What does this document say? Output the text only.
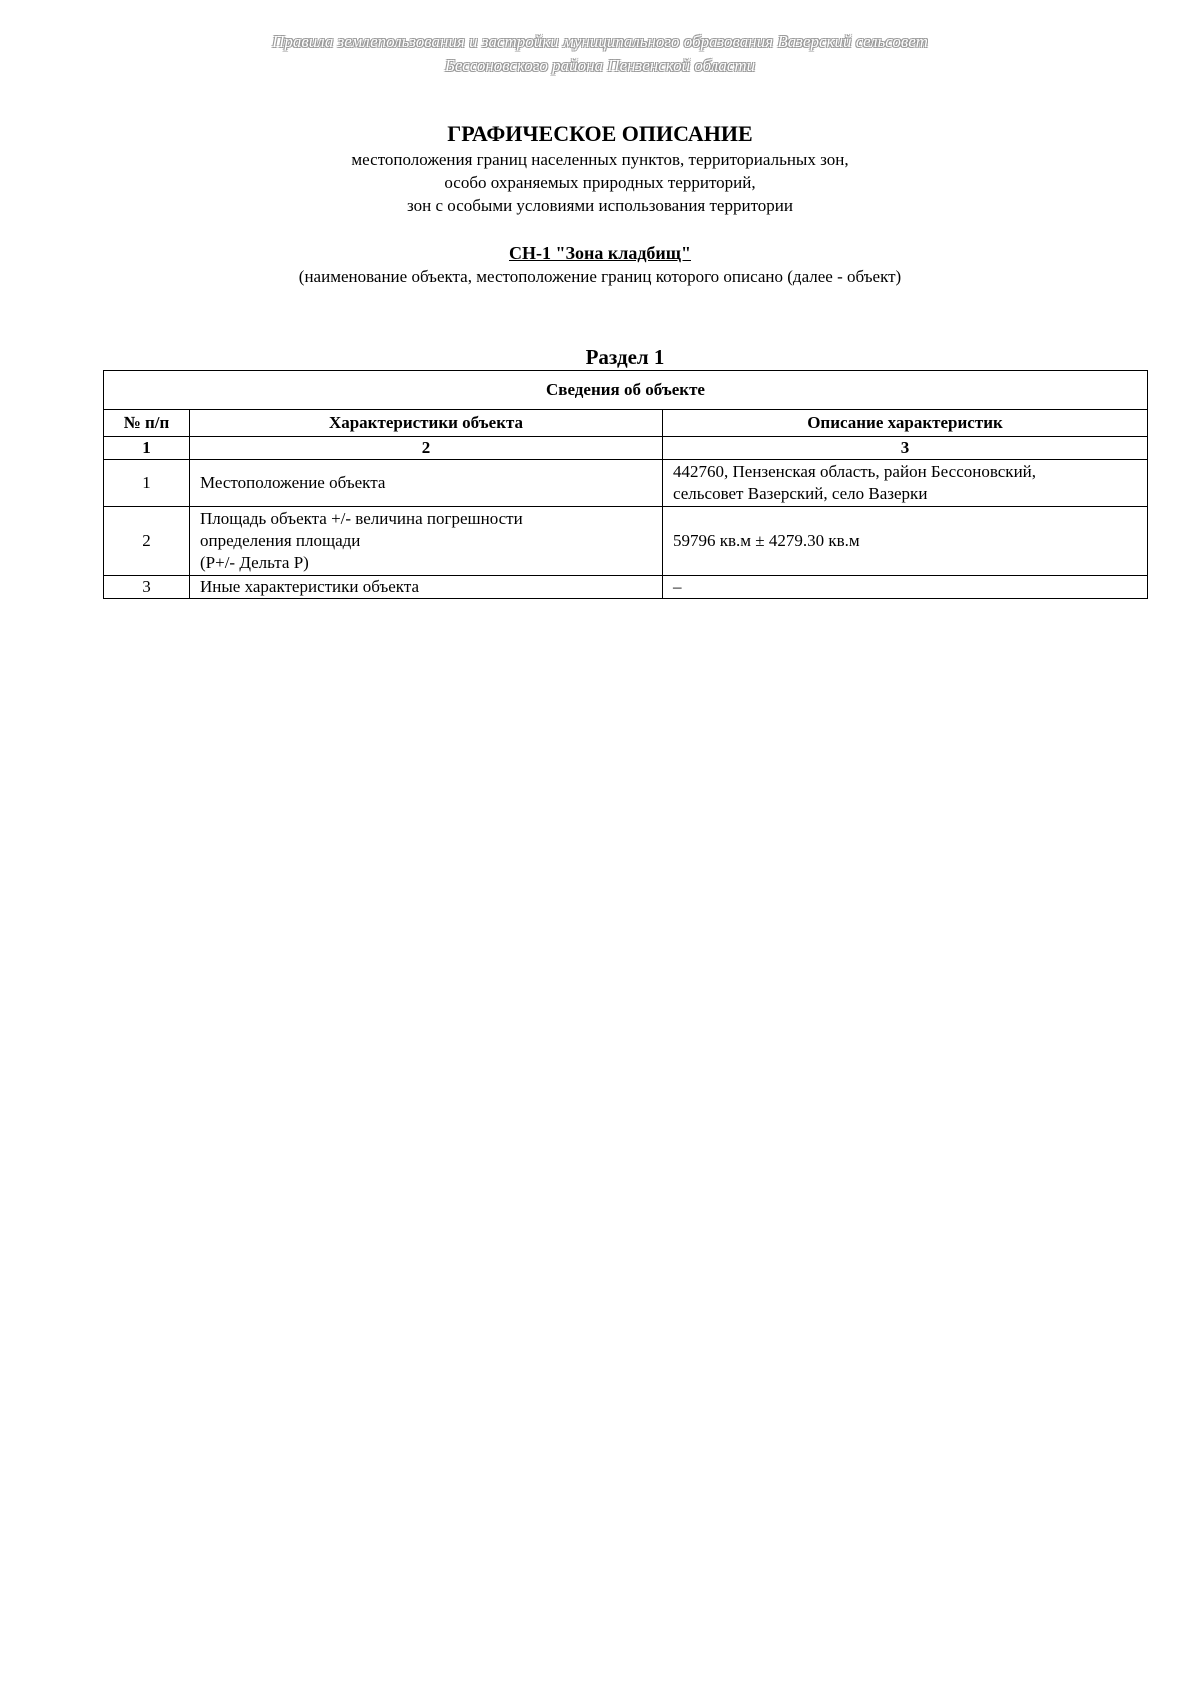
Правила землепользования и застройки муниципального образования Вазерский сельсовет
Бессоновского района Пензенской области
ГРАФИЧЕСКОЕ ОПИСАНИЕ
местоположения границ населенных пунктов, территориальных зон,
особо охраняемых природных территорий,
зон с особыми условиями использования территории
СН-1 "Зона кладбищ"
(наименование объекта, местоположение границ которого описано (далее - объект)
Раздел 1
Сведения об объекте		
№ п/п	Характеристики объекта	Описание характеристик
1	2	3
1	Местоположение объекта	442760, Пензенская область, район Бессоновский,
сельсовет Вазерский, село Вазерки

2	Площадь объекта +/- величина погрешности
определения площади
(P+/- Дельта P)	59796 кв.м ± 4279.30 кв.м

3	Иные характеристики объекта	–
